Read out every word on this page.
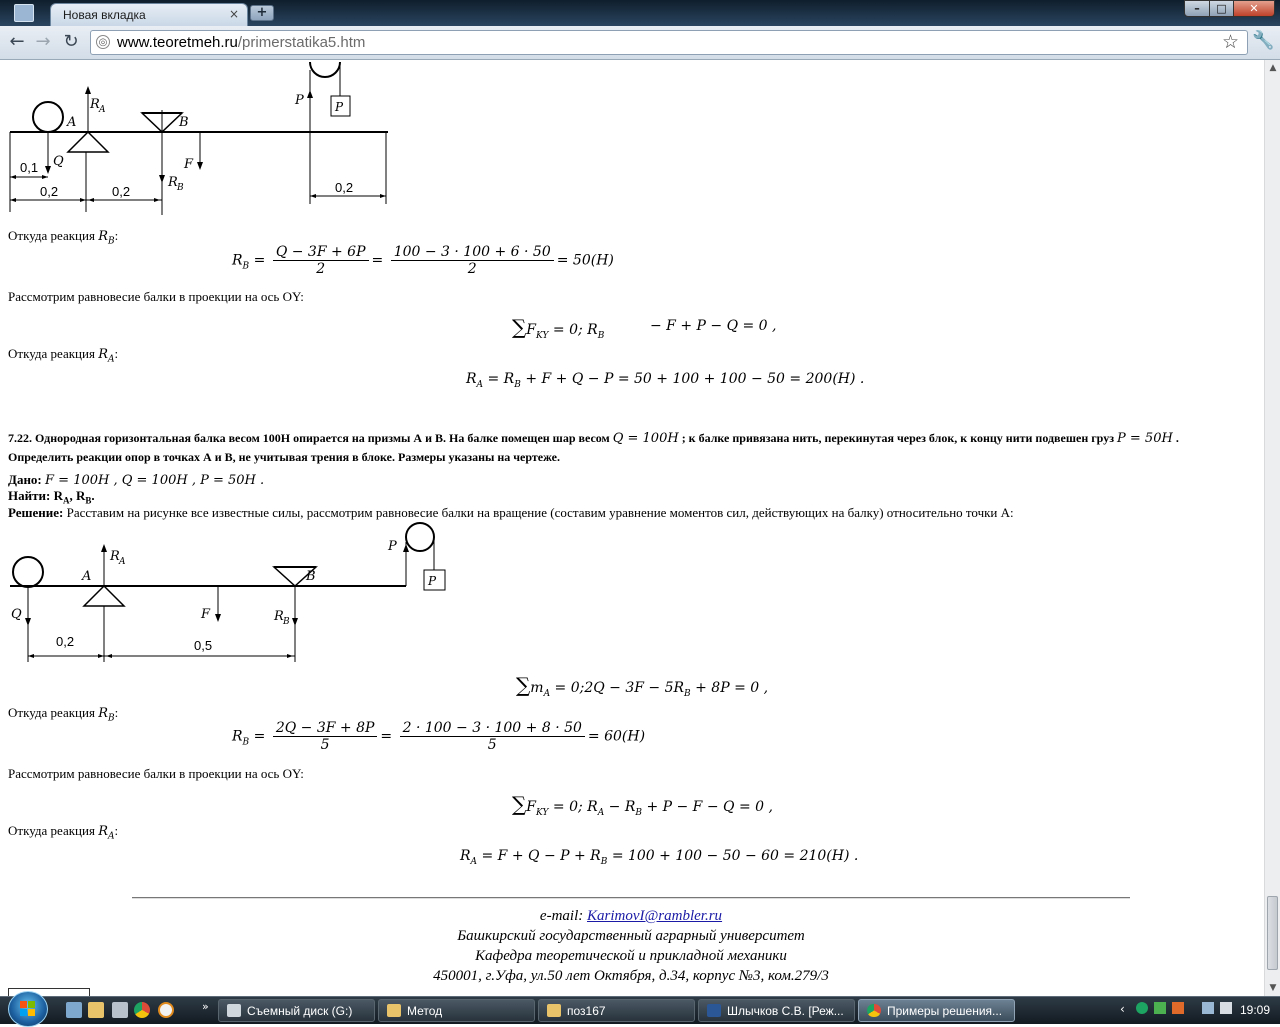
Новая вкладка	×	+	–	□	✕
← → ↻	◎ www.teoretmeh.ru/primerstatika5.htm	☆ 🔧
R A
A	B
Q	F
R B
P	P
0,1
0,2	0,2	0,2
Откуда реакция $R_B$:
$R_B = \frac{Q - 3F + 6P}{2} = \frac{100 - 3 \cdot 100 + 6 \cdot 50}{2} = 50(H)$
Рассмотрим равновесие балки в проекции на ось OY:
$\sum F_{KY} = 0$; $R_B$
− F + P − Q = 0 ,
Откуда реакция $R_A$:
$R_A = R_B + F + Q - P = 50 + 100 + 100 - 50 = 200(H)$ .
7.22. Однородная горизонтальная балка весом 100Н опирается на призмы А и В. На балке помещен шар весом Q = 100H ; к балке привязана нить, перекинутая через блок, к концу нити подвешен груз P = 50H .
Определить реакции опор в точках А и В, не учитывая трения в блоке. Размеры указаны на чертеже.
Дано: F = 100H , Q = 100H , P = 50H .
Найти: $R_A$, $R_B$.
Решение: Расставим на рисунке все известные силы, рассмотрим равновесие балки на вращение (составим уравнение моментов сил, действующих на балку) относительно точки А:
R A
A	B
P
P
Q	F	R B
0,2	0,5
$\sum m_A$ = 0;2Q − $3F - 5R_B + 8P = 0$ ,
Откуда реакция $R_B$:
$R_B = \frac{2Q - 3F + 8P}{5} = \frac{2 \cdot 100 - 3 \cdot 100 + 8 \cdot 50}{5} = 60(H)$
Рассмотрим равновесие балки в проекции на ось OY:
$\sum F_{KY} = 0$; $R_A - R_B + P - F - Q = 0$ ,
Откуда реакция $R_A$:
$R_A = F + Q - P + R_B = 100 + 100 - 50 - 60 = 210(H)$ .
e-mail: KarimovI@rambler.ru
Башкирский государственный аграрный университет
Кафедра теоретической и прикладной механики
450001, г.Уфа, ул.50 лет Октября, д.34, корпус №3, ком.279/3
▲
▼
»	Съемный диск (G:)	Метод	поз167	Шлычков С.В. [Реж...	Примеры решения...	‹	19:09
